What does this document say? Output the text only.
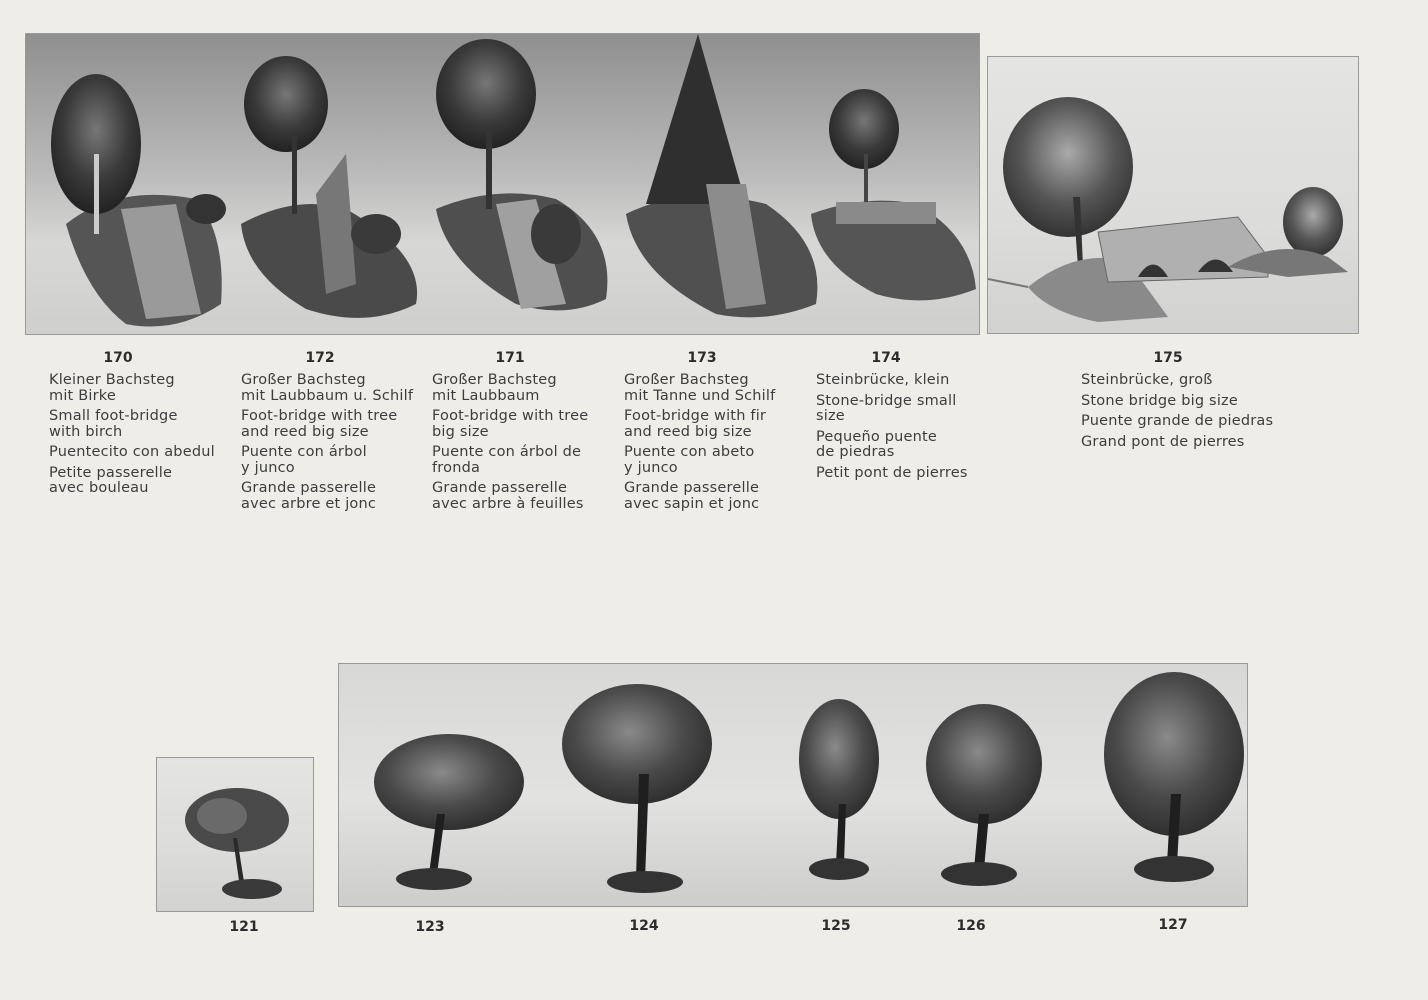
170

Kleiner Bachsteg
mit Birke

Small foot-bridge
with birch

Puentecito con abedul

Petite passerelle
avec bouleau

172

Großer Bachsteg
mit Laubbaum u. Schilf

Foot-bridge with tree
and reed big size

Puente con árbol
y junco

Grande passerelle
avec arbre et jonc

171

Großer Bachsteg
mit Laubbaum

Foot-bridge with tree
big size

Puente con árbol de
fronda

Grande passerelle
avec arbre à feuilles

173

Großer Bachsteg
mit Tanne und Schilf

Foot-bridge with fir
and reed big size

Puente con abeto
y junco

Grande passerelle
avec sapin et jonc

174

Steinbrücke, klein

Stone-bridge small
size

Pequeño puente
de piedras

Petit pont de pierres

175

Steinbrücke, groß

Stone bridge big size

Puente grande de piedras

Grand pont de pierres

121	123	124	125	126	127
